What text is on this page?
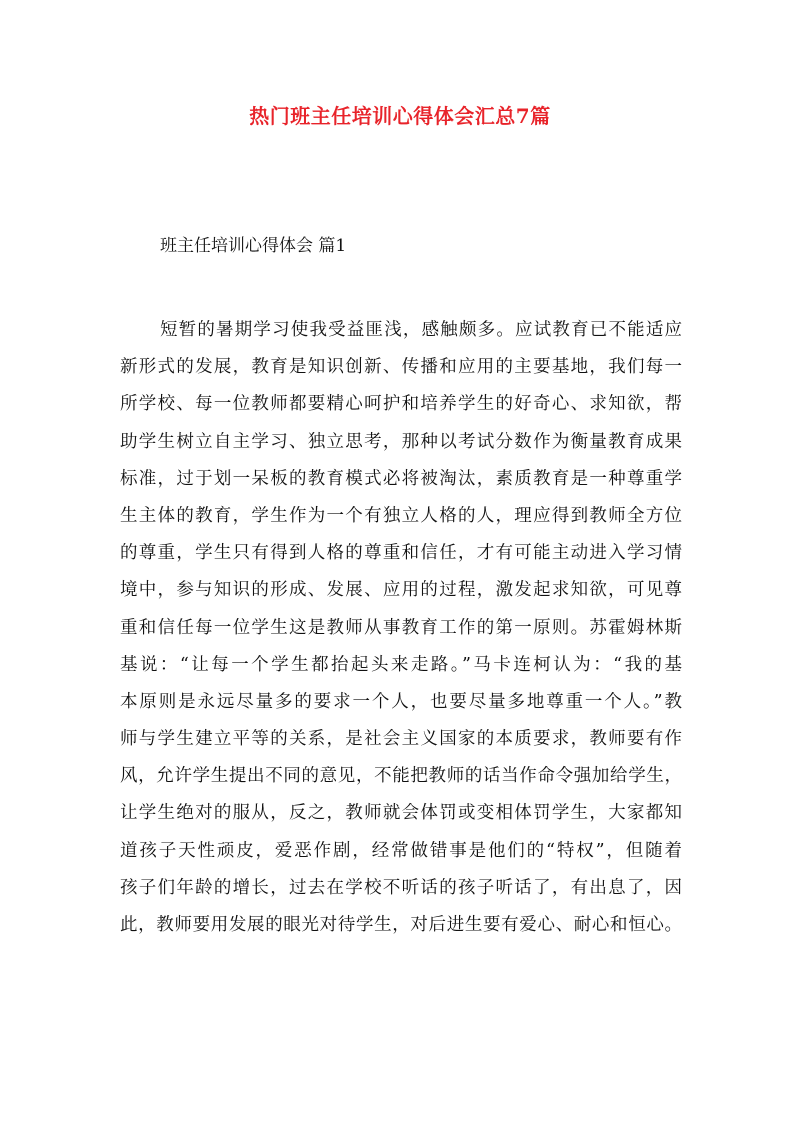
热门班主任培训心得体会汇总7篇
班主任培训心得体会 篇1
短暂的暑期学习使我受益匪浅，感触颇多。应试教育已不能适应
新形式的发展，教育是知识创新、传播和应用的主要基地，我们每一
所学校、每一位教师都要精心呵护和培养学生的好奇心、求知欲，帮
助学生树立自主学习、独立思考，那种以考试分数作为衡量教育成果
标准，过于划一呆板的教育模式必将被淘汰，素质教育是一种尊重学
生主体的教育，学生作为一个有独立人格的人，理应得到教师全方位
的尊重，学生只有得到人格的尊重和信任，才有可能主动进入学习情
境中，参与知识的形成、发展、应用的过程，激发起求知欲，可见尊
重和信任每一位学生这是教师从事教育工作的第一原则。苏霍姆林斯
基说：“让每一个学生都抬起头来走路。”马卡连柯认为：“我的基
本原则是永远尽量多的要求一个人，也要尽量多地尊重一个人。”教
师与学生建立平等的关系，是社会主义国家的本质要求，教师要有作
风，允许学生提出不同的意见，不能把教师的话当作命令强加给学生，
让学生绝对的服从，反之，教师就会体罚或变相体罚学生，大家都知
道孩子天性顽皮，爱恶作剧，经常做错事是他们的“特权”，但随着
孩子们年龄的增长，过去在学校不听话的孩子听话了，有出息了，因
此，教师要用发展的眼光对待学生，对后进生要有爱心、耐心和恒心。
